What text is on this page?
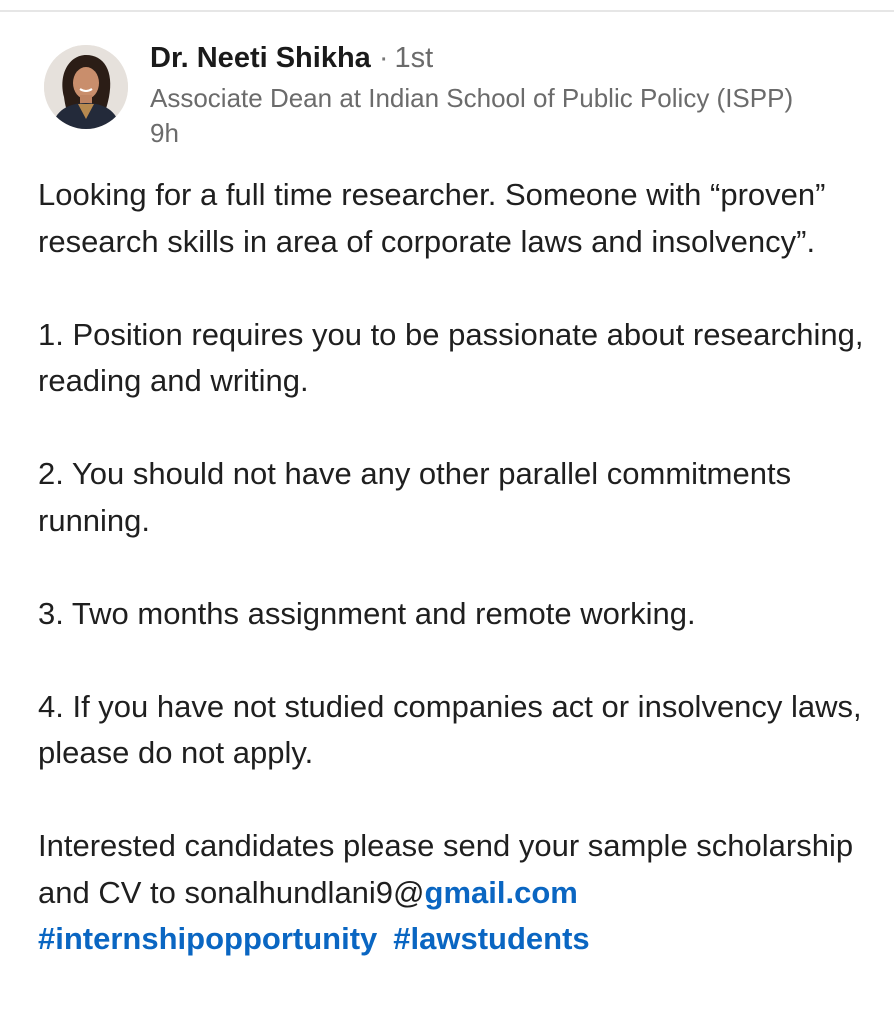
Dr. Neeti Shikha · 1st
Associate Dean at Indian School of Public Policy (ISPP)
9h

Looking for a full time researcher. Someone with “proven” research skills in area of corporate laws and insolvency”.

1. Position requires you to be passionate about researching, reading and writing.

2. You should not have any other parallel commitments running.

3. Two months assignment and remote working.

4. If you have not studied companies act or insolvency laws, please do not apply.

Interested candidates please send your sample scholarship and CV to sonalhundlani9@gmail.com
#internshipopportunity #lawstudents
